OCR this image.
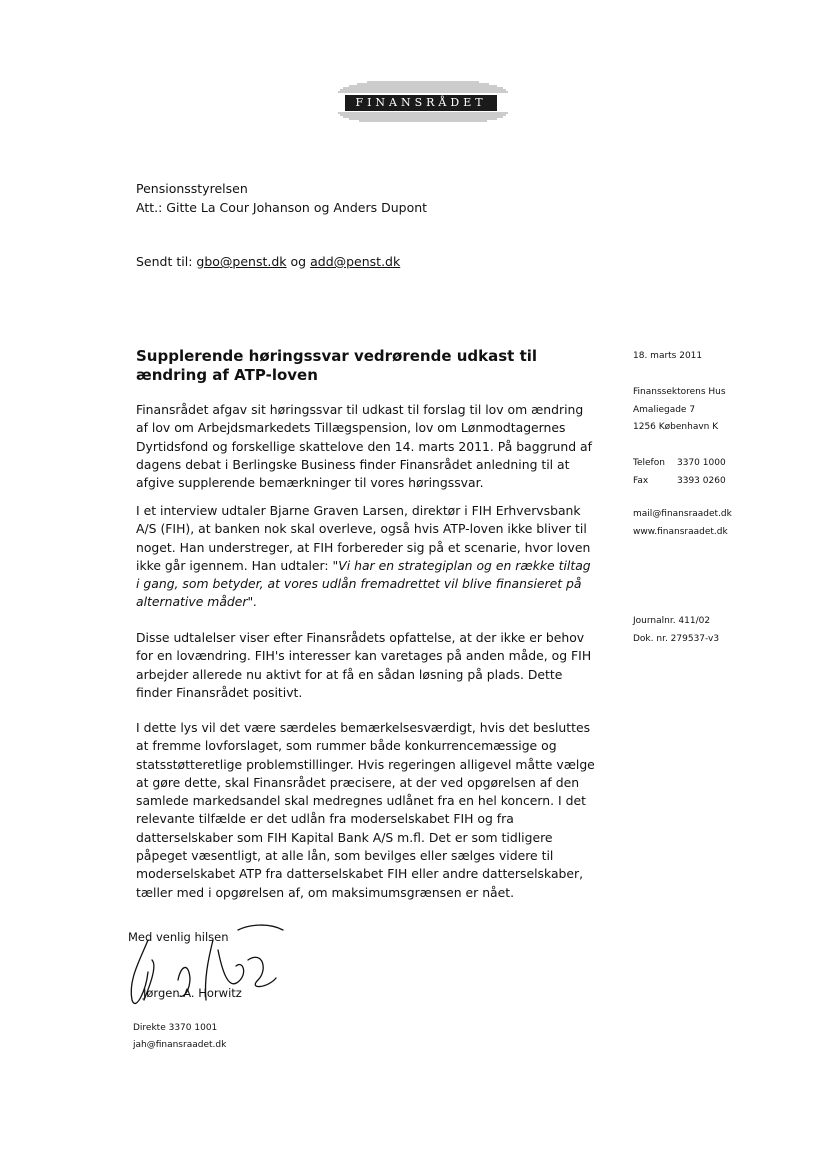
FINANSRÅDET
Pensionsstyrelsen
Att.: Gitte La Cour Johanson og Anders Dupont
Sendt til: gbo@penst.dk og add@penst.dk
Supplerende høringssvar vedrørende udkast til ændring af ATP-loven

Finansrådet afgav sit høringssvar til udkast til forslag til lov om ændring af lov om Arbejdsmarkedets Tillægspension, lov om Lønmodtagernes Dyrtidsfond og forskellige skattelove den 14. marts 2011. På baggrund af dagens debat i Berlingske Business finder Finansrådet anledning til at afgive supplerende bemærkninger til vores høringssvar.

I et interview udtaler Bjarne Graven Larsen, direktør i FIH Erhvervsbank A/S (FIH), at banken nok skal overleve, også hvis ATP-loven ikke bliver til noget. Han understreger, at FIH forbereder sig på et scenarie, hvor loven ikke går igennem. Han udtaler: "Vi har en strategiplan og en række tiltag i gang, som betyder, at vores udlån fremadrettet vil blive finansieret på alternative måder".

Disse udtalelser viser efter Finansrådets opfattelse, at der ikke er behov for en lovændring. FIH's interesser kan varetages på anden måde, og FIH arbejder allerede nu aktivt for at få en sådan løsning på plads. Dette finder Finansrådet positivt.

I dette lys vil det være særdeles bemærkelsesværdigt, hvis det besluttes at fremme lovforslaget, som rummer både konkurrencemæssige og statsstøtteretlige problemstillinger. Hvis regeringen alligevel måtte vælge at gøre dette, skal Finansrådet præcisere, at der ved opgørelsen af den samlede markedsandel skal medregnes udlånet fra en hel koncern. I det relevante tilfælde er det udlån fra moderselskabet FIH og fra datterselskaber som FIH Kapital Bank A/S m.fl. Det er som tidligere påpeget væsentligt, at alle lån, som bevilges eller sælges videre til moderselskabet ATP fra datterselskabet FIH eller andre datterselskaber, tæller med i opgørelsen af, om maksimumsgrænsen er nået.

18. marts 2011
Finanssektorens Hus
Amaliegade 7
1256 København K
Telefon 3370 1000
Fax	3393 0260
mail@finansraadet.dk
www.finansraadet.dk
Journalnr. 411/02
Dok. nr. 279537-v3
Med venlig hilsen
Jørgen A. Horwitz
Direkte 3370 1001
jah@finansraadet.dk
